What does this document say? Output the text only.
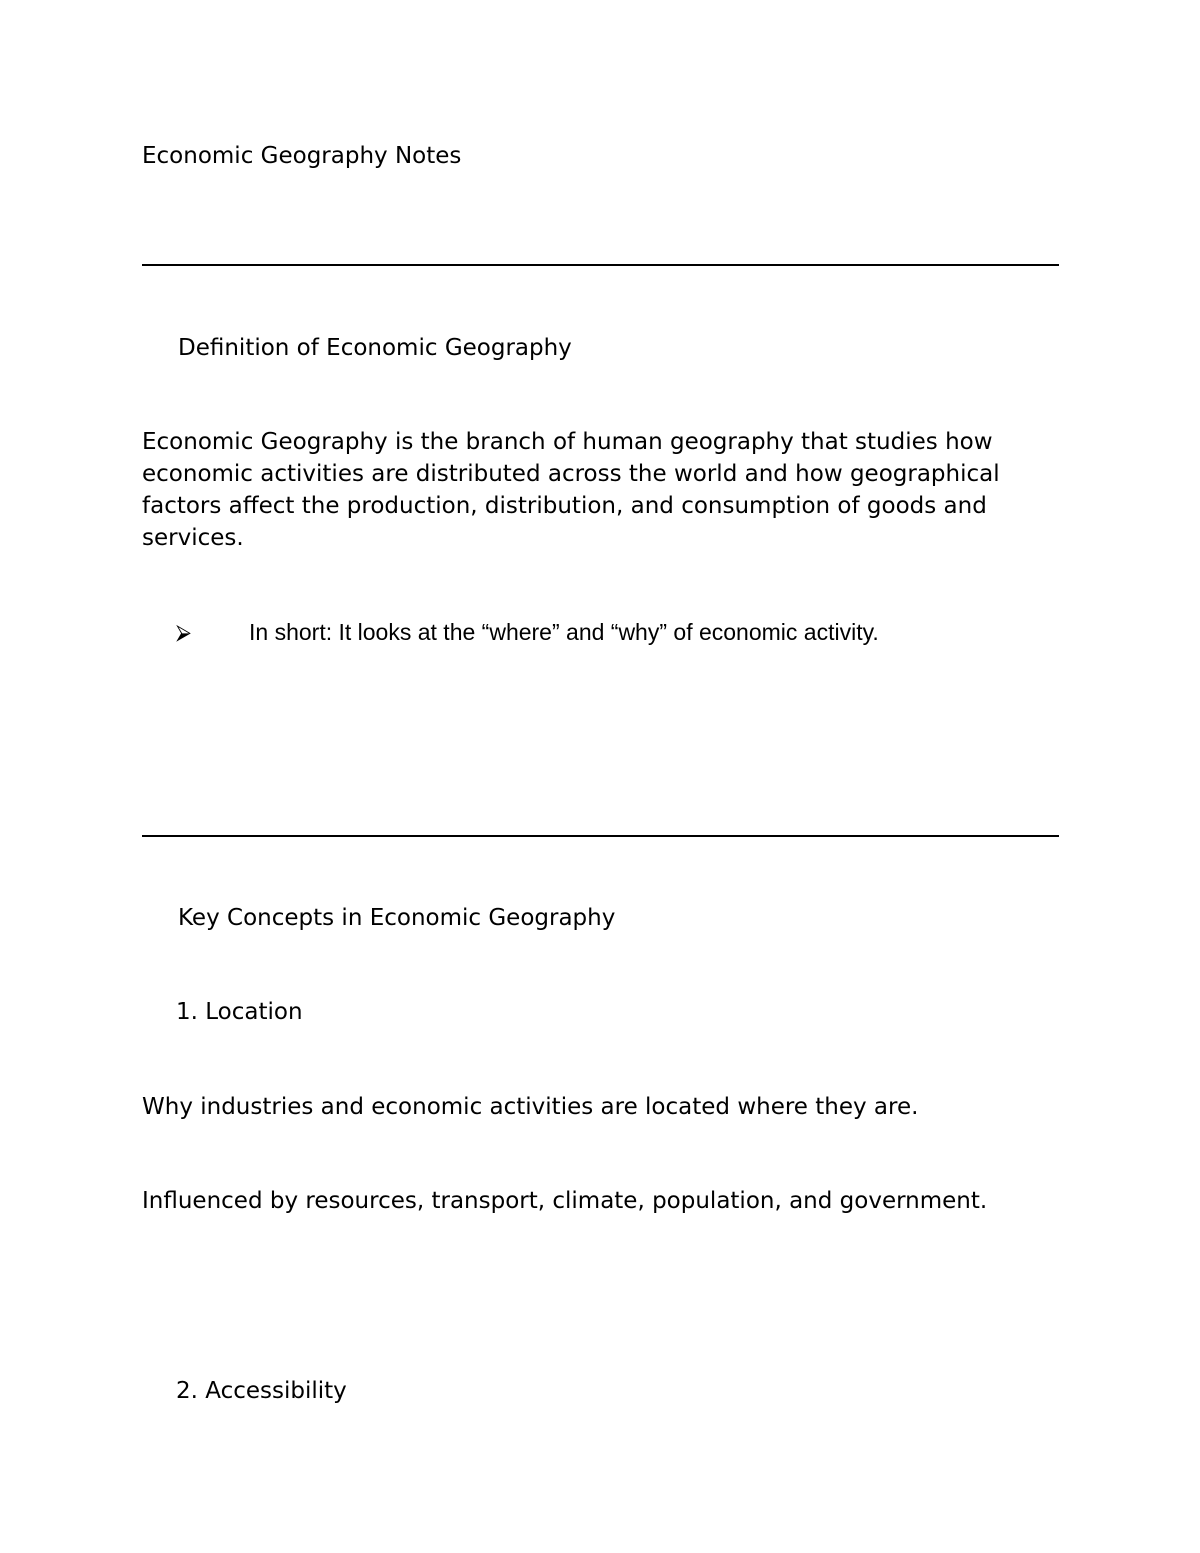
Economic Geography Notes
Definition of Economic Geography
Economic Geography is the branch of human geography that studies how
economic activities are distributed across the world and how geographical
factors affect the production, distribution, and consumption of goods and
services.
⮚	In short: It looks at the “where” and “why” of economic activity.
Key Concepts in Economic Geography
1. Location
Why industries and economic activities are located where they are.
Influenced by resources, transport, climate, population, and government.
2. Accessibility
